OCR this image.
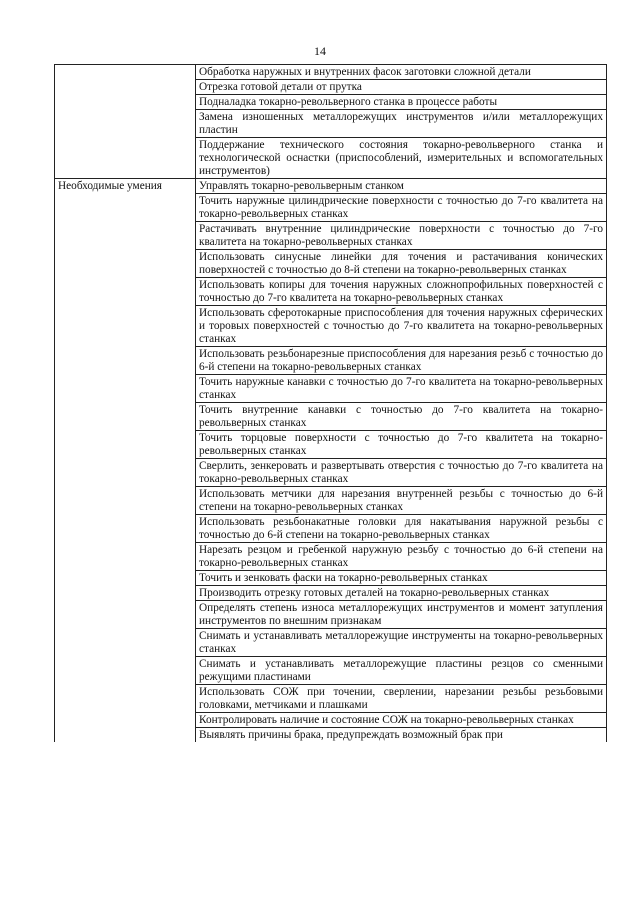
14
	Обработка наружных и внутренних фасок заготовки сложной детали
	Отрезка готовой детали от прутка
	Подналадка токарно-револьверного станка в процессе работы
	Замена изношенных металлорежущих инструментов и/или металлорежущих пластин
	Поддержание технического состояния токарно-револьверного станка и технологической оснастки (приспособлений, измерительных и вспомогательных инструментов)
Необходимые умения	Управлять токарно-револьверным станком
	Точить наружные цилиндрические поверхности с точностью до 7-го квалитета на токарно-револьверных станках
	Растачивать внутренние цилиндрические поверхности с точностью до 7-го квалитета на токарно-револьверных станках
	Использовать синусные линейки для точения и растачивания конических поверхностей с точностью до 8-й степени на токарно-револьверных станках
	Использовать копиры для точения наружных сложнопрофильных поверхностей с точностью до 7-го квалитета на токарно-револьверных станках
	Использовать сферотокарные приспособления для точения наружных сферических и торовых поверхностей с точностью до 7-го квалитета на токарно-револьверных станках
	Использовать резьбонарезные приспособления для нарезания резьб с точностью до 6-й степени на токарно-револьверных станках
	Точить наружные канавки с точностью до 7-го квалитета на токарно-револьверных станках
	Точить внутренние канавки с точностью до 7-го квалитета на токарно-револьверных станках
	Точить торцовые поверхности с точностью до 7-го квалитета на токарно-револьверных станках
	Сверлить, зенкеровать и развертывать отверстия с точностью до 7-го квалитета на токарно-револьверных станках
	Использовать метчики для нарезания внутренней резьбы с точностью до 6-й степени на токарно-револьверных станках
	Использовать резьбонакатные головки для накатывания наружной резьбы с точностью до 6-й степени на токарно-револьверных станках
	Нарезать резцом и гребенкой наружную резьбу с точностью до 6-й степени на токарно-револьверных станках
	Точить и зенковать фаски на токарно-револьверных станках
	Производить отрезку готовых деталей на токарно-револьверных станках
	Определять степень износа металлорежущих инструментов и момент затупления инструментов по внешним признакам
	Снимать и устанавливать металлорежущие инструменты на токарно-револьверных станках
	Снимать и устанавливать металлорежущие пластины резцов со сменными режущими пластинами
	Использовать СОЖ при точении, сверлении, нарезании резьбы резьбовыми головками, метчиками и плашками
	Контролировать наличие и состояние СОЖ на токарно-револьверных станках
	Выявлять причины брака, предупреждать возможный брак при
